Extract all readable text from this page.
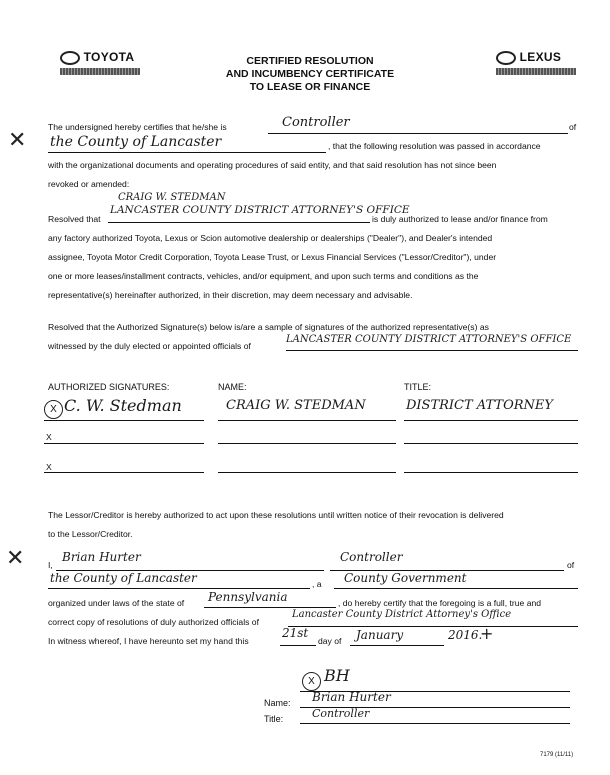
TOYOTA	LEXUS
CERTIFIED RESOLUTION
AND INCUMBENCY CERTIFICATE
TO LEASE OR FINANCE
✕
✕
The undersigned hereby certifies that he/she is	Controller	of
the County of Lancaster	, that the following resolution was passed in accordance
with the organizational documents and operating procedures of said entity, and that said resolution has not since been
revoked or amended:
CRAIG W. STEDMAN
Resolved that
LANCASTER COUNTY DISTRICT ATTORNEY'S OFFICE
is duly authorized to lease and/or finance from
any factory authorized Toyota, Lexus or Scion automotive dealership or dealerships ("Dealer"), and Dealer's intended
assignee, Toyota Motor Credit Corporation, Toyota Lease Trust, or Lexus Financial Services ("Lessor/Creditor"), under
one or more leases/installment contracts, vehicles, and/or equipment, and upon such terms and conditions as the
representative(s) hereinafter authorized, in their discretion, may deem necessary and advisable.
Resolved that the Authorized Signature(s) below is/are a sample of signatures of the authorized representative(s) as
witnessed by the duly elected or appointed officials of
LANCASTER COUNTY DISTRICT ATTORNEY'S OFFICE
AUTHORIZED SIGNATURES:	NAME:	TITLE:
X C. W. Stedman	CRAIG W. STEDMAN	DISTRICT ATTORNEY
X
X
The Lessor/Creditor is hereby authorized to act upon these resolutions until written notice of their revocation is delivered
to the Lessor/Creditor.
I,
Brian Hurter	Controller
of
the County of Lancaster	, a County Government
organized under laws of the state of Pennsylvania	, do hereby certify that the foregoing is a full, true and
correct copy of resolutions of duly authorized officials of
Lancaster County District Attorney's Office
In witness whereof, I have hereunto set my hand this
21st
day of January	2016.
+
X BH
Name: Brian Hurter
Title:	Controller
7179 (11/11)
